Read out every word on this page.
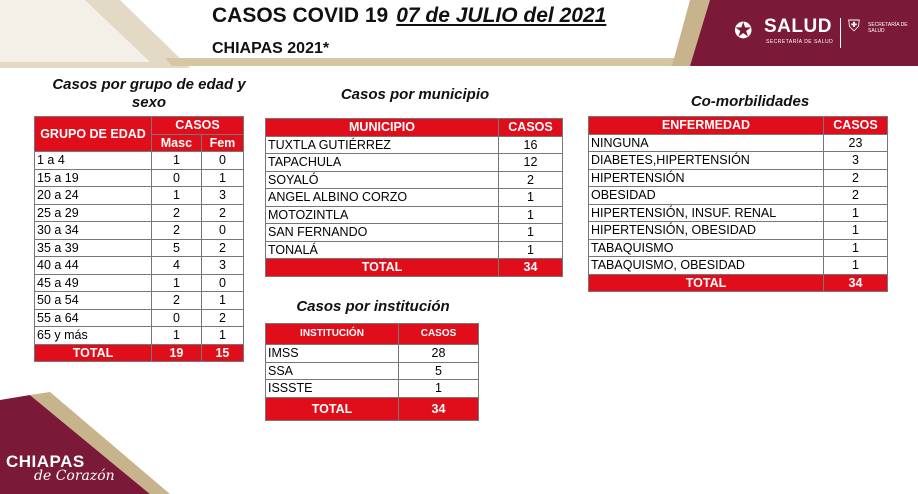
CASOS COVID 19 07 de JULIO del 2021
CHIAPAS 2021*
✪ SALUD
SECRETARÍA DE SALUD
⛨ SECRETARÍA DE SALUD
Casos por grupo de edad y sexo
GRUPO DE EDAD	CASOS	
	Masc	Fem
1 a 4	1	0
15 a 19	0	1
20 a 24	1	3
25 a 29	2	2
30 a 34	2	0
35 a 39	5	2
40 a 44	4	3
45 a 49	1	0
50 a 54	2	1
55 a 64	0	2
65 y más	1	1
TOTAL	19	15
Casos por municipio
MUNICIPIO	CASOS
TUXTLA GUTIÉRREZ	16
TAPACHULA	12
SOYALÓ	2
ANGEL ALBINO CORZO	1
MOTOZINTLA	1
SAN FERNANDO	1
TONALÁ	1
TOTAL	34
Casos por institución
INSTITUCIÓN	CASOS
IMSS	28
SSA	5
ISSSTE	1
TOTAL	34
Co-morbilidades
ENFERMEDAD	CASOS
NINGUNA	23
DIABETES,HIPERTENSIÓN	3
HIPERTENSIÓN	2
OBESIDAD	2
HIPERTENSIÓN, INSUF. RENAL	1
HIPERTENSIÓN, OBESIDAD	1
TABAQUISMO	1
TABAQUISMO, OBESIDAD	1
TOTAL	34
CHIAPAS
de Corazón
